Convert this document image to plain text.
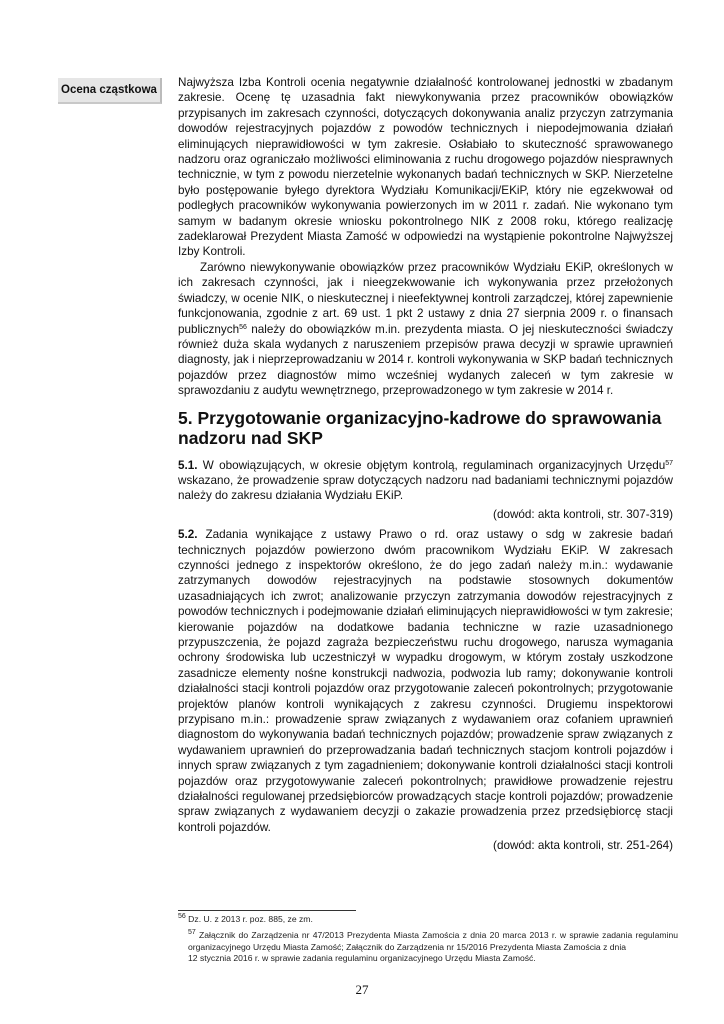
Ocena cząstkowa

Najwyższa Izba Kontroli ocenia negatywnie działalność kontrolowanej jednostki w zbadanym zakresie. Ocenę tę uzasadnia fakt niewykonywania przez pracowników obowiązków przypisanych im zakresach czynności, dotyczących dokonywania analiz przyczyn zatrzymania dowodów rejestracyjnych pojazdów z powodów technicznych i niepodejmowania działań eliminujących nieprawidłowości w tym zakresie. Osłabiało to skuteczność sprawowanego nadzoru oraz ograniczało możliwości eliminowania z ruchu drogowego pojazdów niesprawnych technicznie, w tym z powodu nierzetelnie wykonanych badań technicznych w SKP. Nierzetelne było postępowanie byłego dyrektora Wydziału Komunikacji/EKiP, który nie egzekwował od podległych pracowników wykonywania powierzonych im w 2011 r. zadań. Nie wykonano tym samym w badanym okresie wniosku pokontrolnego NIK z 2008 roku, którego realizację zadeklarował Prezydent Miasta Zamość w odpowiedzi na wystąpienie pokontrolne Najwyższej Izby Kontroli.

Zarówno niewykonywanie obowiązków przez pracowników Wydziału EKiP, określonych w ich zakresach czynności, jak i nieegzekwowanie ich wykonywania przez przełożonych świadczy, w ocenie NIK, o nieskutecznej i nieefektywnej kontroli zarządczej, której zapewnienie funkcjonowania, zgodnie z art. 69 ust. 1 pkt 2 ustawy z dnia 27 sierpnia 2009 r. o finansach publicznych$^{56}$ należy do obowiązków m.in. prezydenta miasta. O jej nieskuteczności świadczy również duża skala wydanych z naruszeniem przepisów prawa decyzji w sprawie uprawnień diagnosty, jak i nieprzeprowadzaniu w 2014 r. kontroli wykonywania w SKP badań technicznych pojazdów przez diagnostów mimo wcześniej wydanych zaleceń w tym zakresie w sprawozdaniu z audytu wewnętrznego, przeprowadzonego w tym zakresie w 2014 r.

5. Przygotowanie organizacyjno-kadrowe do sprawowania nadzoru nad SKP

5.1. W obowiązujących, w okresie objętym kontrolą, regulaminach organizacyjnych Urzędu$^{57}$ wskazano, że prowadzenie spraw dotyczących nadzoru nad badaniami technicznymi pojazdów należy do zakresu działania Wydziału EKiP.

(dowód: akta kontroli, str. 307-319)

5.2. Zadania wynikające z ustawy Prawo o rd. oraz ustawy o sdg w zakresie badań technicznych pojazdów powierzono dwóm pracownikom Wydziału EKiP. W zakresach czynności jednego z inspektorów określono, że do jego zadań należy m.in.: wydawanie zatrzymanych dowodów rejestracyjnych na podstawie stosownych dokumentów uzasadniających ich zwrot; analizowanie przyczyn zatrzymania dowodów rejestracyjnych z powodów technicznych i podejmowanie działań eliminujących nieprawidłowości w tym zakresie; kierowanie pojazdów na dodatkowe badania techniczne w razie uzasadnionego przypuszczenia, że pojazd zagraża bezpieczeństwu ruchu drogowego, narusza wymagania ochrony środowiska lub uczestniczył w wypadku drogowym, w którym zostały uszkodzone zasadnicze elementy nośne konstrukcji nadwozia, podwozia lub ramy; dokonywanie kontroli działalności stacji kontroli pojazdów oraz przygotowanie zaleceń pokontrolnych; przygotowanie projektów planów kontroli wynikających z zakresu czynności. Drugiemu inspektorowi przypisano m.in.: prowadzenie spraw związanych z wydawaniem oraz cofaniem uprawnień diagnostom do wykonywania badań technicznych pojazdów; prowadzenie spraw związanych z wydawaniem uprawnień do przeprowadzania badań technicznych stacjom kontroli pojazdów i innych spraw związanych z tym zagadnieniem; dokonywanie kontroli działalności stacji kontroli pojazdów oraz przygotowywanie zaleceń pokontrolnych; prawidłowe prowadzenie rejestru działalności regulowanej przedsiębiorców prowadzących stacje kontroli pojazdów; prowadzenie spraw związanych z wydawaniem decyzji o zakazie prowadzenia przez przedsiębiorcę stacji kontroli pojazdów.

(dowód: akta kontroli, str. 251-264)

$^{56}$ Dz. U. z 2013 r. poz. 885, ze zm.

$^{57}$ Załącznik do Zarządzenia nr 47/2013 Prezydenta Miasta Zamościa z dnia 20 marca 2013 r. w sprawie zadania regulaminu organizacyjnego Urzędu Miasta Zamość; Załącznik do Zarządzenia nr 15/2016 Prezydenta Miasta Zamościa z dnia

12 stycznia 2016 r. w sprawie zadania regulaminu organizacyjnego Urzędu Miasta Zamość.

27
